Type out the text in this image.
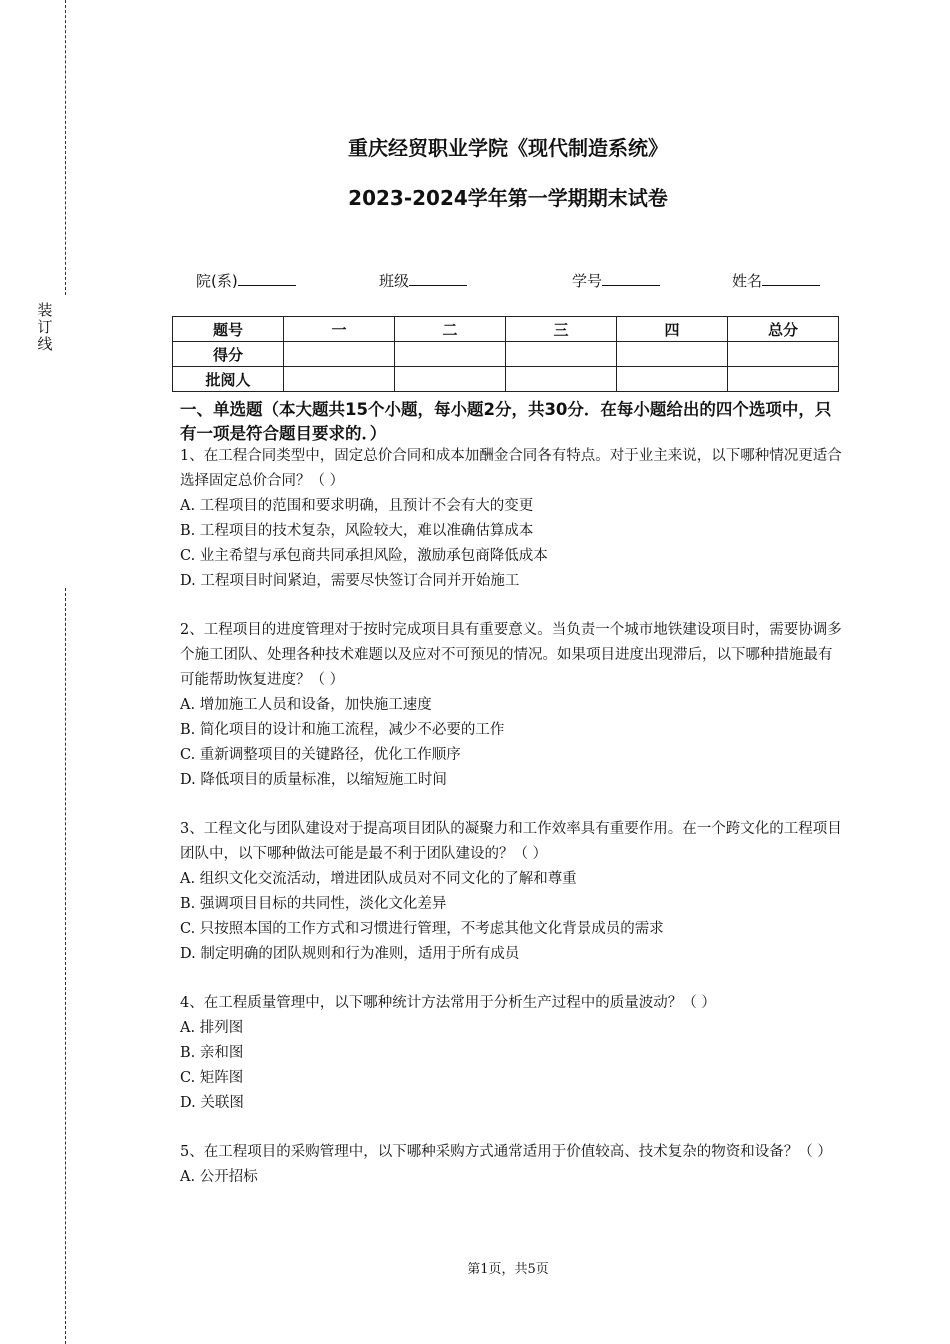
装订线
重庆经贸职业学院《现代制造系统》
2023-2024学年第一学期期末试卷
院(系)	班级	学号	姓名
题号	一	二	三	四	总分
得分					
批阅人					
一、单选题（本大题共15个小题，每小题2分，共30分．在每小题给出的四个选项中，只有一项是符合题目要求的．）

1、在工程合同类型中，固定总价合同和成本加酬金合同各有特点。对于业主来说，以下哪种情况更适合选择固定总价合同？（ ）

A. 工程项目的范围和要求明确，且预计不会有大的变更

B. 工程项目的技术复杂，风险较大，难以准确估算成本

C. 业主希望与承包商共同承担风险，激励承包商降低成本

D. 工程项目时间紧迫，需要尽快签订合同并开始施工

2、工程项目的进度管理对于按时完成项目具有重要意义。当负责一个城市地铁建设项目时，需要协调多个施工团队、处理各种技术难题以及应对不可预见的情况。如果项目进度出现滞后，以下哪种措施最有可能帮助恢复进度？（ ）

A. 增加施工人员和设备，加快施工速度

B. 简化项目的设计和施工流程，减少不必要的工作

C. 重新调整项目的关键路径，优化工作顺序

D. 降低项目的质量标准，以缩短施工时间

3、工程文化与团队建设对于提高项目团队的凝聚力和工作效率具有重要作用。在一个跨文化的工程项目团队中，以下哪种做法可能是最不利于团队建设的？（ ）

A. 组织文化交流活动，增进团队成员对不同文化的了解和尊重

B. 强调项目目标的共同性，淡化文化差异

C. 只按照本国的工作方式和习惯进行管理，不考虑其他文化背景成员的需求

D. 制定明确的团队规则和行为准则，适用于所有成员

4、在工程质量管理中，以下哪种统计方法常用于分析生产过程中的质量波动？（ ）

A. 排列图

B. 亲和图

C. 矩阵图

D. 关联图

5、在工程项目的采购管理中，以下哪种采购方式通常适用于价值较高、技术复杂的物资和设备？（ ）

A. 公开招标

第1页，共5页
